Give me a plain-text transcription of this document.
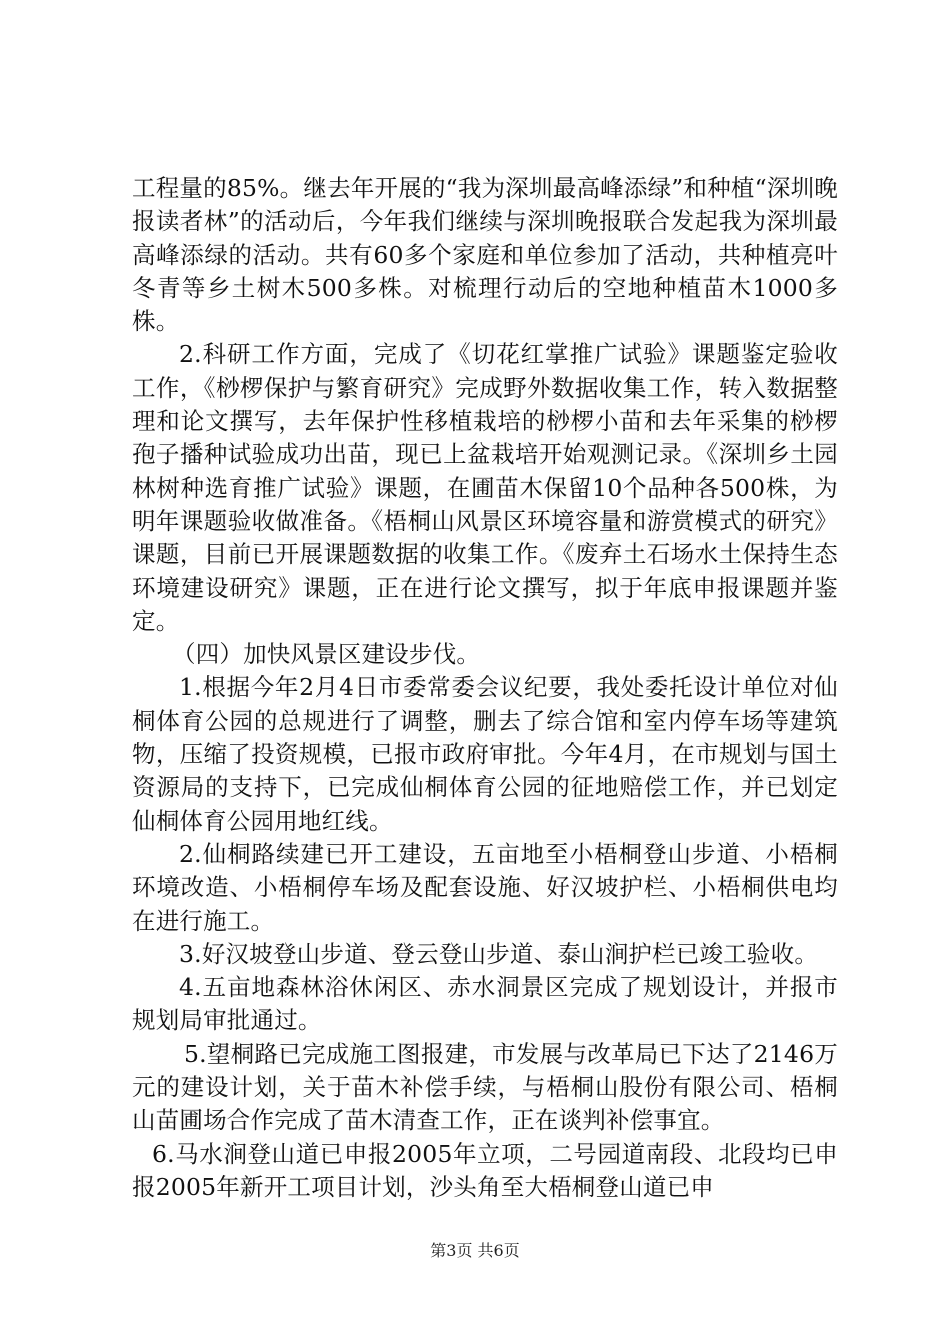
工程量的85%。继去年开展的“我为深圳最高峰添绿”和种植“深圳晚报读者林”的活动后，今年我们继续与深圳晚报联合发起我为深圳最高峰添绿的活动。共有60多个家庭和单位参加了活动，共种植亮叶冬青等乡土树木500多株。对梳理行动后的空地种植苗木1000多株。

2.科研工作方面，完成了《切花红掌推广试验》课题鉴定验收工作，《桫椤保护与繁育研究》完成野外数据收集工作，转入数据整理和论文撰写，去年保护性移植栽培的桫椤小苗和去年采集的桫椤孢子播种试验成功出苗，现已上盆栽培开始观测记录。《深圳乡土园林树种选育推广试验》课题，在圃苗木保留10个品种各500株，为明年课题验收做准备。《梧桐山风景区环境容量和游赏模式的研究》课题，目前已开展课题数据的收集工作。《废弃土石场水土保持生态环境建设研究》课题，正在进行论文撰写，拟于年底申报课题并鉴定。

（四）加快风景区建设步伐。

1.根据今年2月4日市委常委会议纪要，我处委托设计单位对仙桐体育公园的总规进行了调整，删去了综合馆和室内停车场等建筑物，压缩了投资规模，已报市政府审批。今年4月，在市规划与国土资源局的支持下，已完成仙桐体育公园的征地赔偿工作，并已划定仙桐体育公园用地红线。

2.仙桐路续建已开工建设，五亩地至小梧桐登山步道、小梧桐环境改造、小梧桐停车场及配套设施、好汉坡护栏、小梧桐供电均在进行施工。

3.好汉坡登山步道、登云登山步道、泰山涧护栏已竣工验收。

4.五亩地森林浴休闲区、赤水洞景区完成了规划设计，并报市规划局审批通过。

5.望桐路已完成施工图报建，市发展与改革局已下达了2146万元的建设计划，关于苗木补偿手续，与梧桐山股份有限公司、梧桐山苗圃场合作完成了苗木清查工作，正在谈判补偿事宜。

6.马水涧登山道已申报2005年立项，二号园道南段、北段均已申报2005年新开工项目计划，沙头角至大梧桐登山道已申

第3页 共6页
